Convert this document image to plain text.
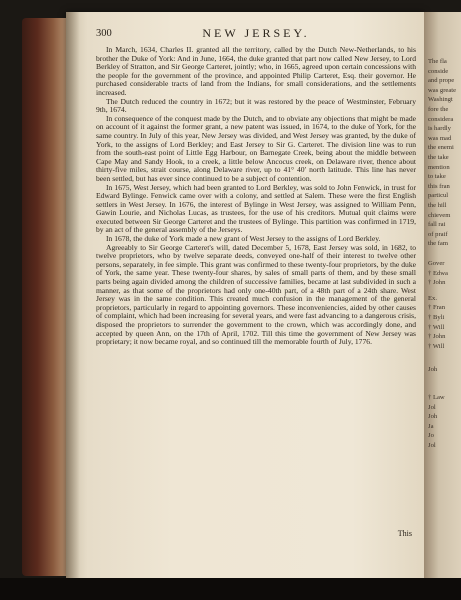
300	NEW JERSEY.

In March, 1634, Charles II. granted all the territory, called by the Dutch New-Netherlands, to his brother the Duke of York: And in June, 1664, the duke granted that part now called New Jersey, to Lord Berkley of Stratton, and Sir George Carteret, jointly; who, in 1665, agreed upon certain concessions with the people for the government of the province, and appointed Philip Carteret, Esq. their governor. He purchased considerable tracts of land from the Indians, for small considerations, and the settlements increased.

The Dutch reduced the country in 1672; but it was restored by the peace of Westminster, February 9th, 1674.

In consequence of the conquest made by the Dutch, and to obviate any objections that might be made on account of it against the former grant, a new patent was issued, in 1674, to the duke of York, for the same country. In July of this year, New Jersey was divided, and West Jersey was granted, by the duke of York, to the assigns of Lord Berkley; and East Jersey to Sir G. Carteret. The division line was to run from the south-east point of Little Egg Harbour, on Barnegate Creek, being about the middle between Cape May and Sandy Hook, to a creek, a little below Ancocus creek, on Delaware river, thence about thirty-five miles, strait course, along Delaware river, up to 41° 40′ north latitude. This line has never been settled, but has ever since continued to be a subject of contention.

In 1675, West Jersey, which had been granted to Lord Berkley, was sold to John Fenwick, in trust for Edward Bylinge. Fenwick came over with a colony, and settled at Salem. These were the first English settlers in West Jersey. In 1676, the interest of Bylinge in West Jersey, was assigned to William Penn, Gawin Lourie, and Nicholas Lucas, as trustees, for the use of his creditors. Mutual quit claims were executed between Sir George Carteret and the trustees of Bylinge. This partition was confirmed in 1719, by an act of the general assembly of the Jerseys.

In 1678, the duke of York made a new grant of West Jersey to the assigns of Lord Berkley.

Agreeably to Sir George Carteret's will, dated December 5, 1678, East Jersey was sold, in 1682, to twelve proprietors, who by twelve separate deeds, conveyed one-half of their interest to twelve other persons, separately, in fee simple. This grant was confirmed to these twenty-four proprietors, by the duke of York, the same year. These twenty-four shares, by sales of small parts of them, and by these small parts being again divided among the children of successive families, became at last subdivided in such a manner, as that some of the proprietors had only one-40th part, of a 48th part of a 24th share. West Jersey was in the same condition. This created much confusion in the management of the general proprietors, particularly in regard to appointing governors. These inconveniencies, aided by other causes of complaint, which had been increasing for several years, and were fast advancing to a dangerous crisis, disposed the proprietors to surrender the government to the crown, which was accordingly done, and accepted by queen Ann, on the 17th of April, 1702. Till this time the government of New Jersey was proprietary; it now became royal, and so continued till the memorable fourth of July, 1776.

This
The fla
conside
and prope
was greate
Washingt
fore the
considera
is hardly
was mad
the enemi
the take
mention
to take
this fran
particul
the hill
chievem
fall rai
of praif
the fam
Gover
† Edwa
† John
Ex.
† Fran
† Byli
† Will
† John
† Will
Joh
† Law
Jol
Joh
Ja
Jo
Jol
